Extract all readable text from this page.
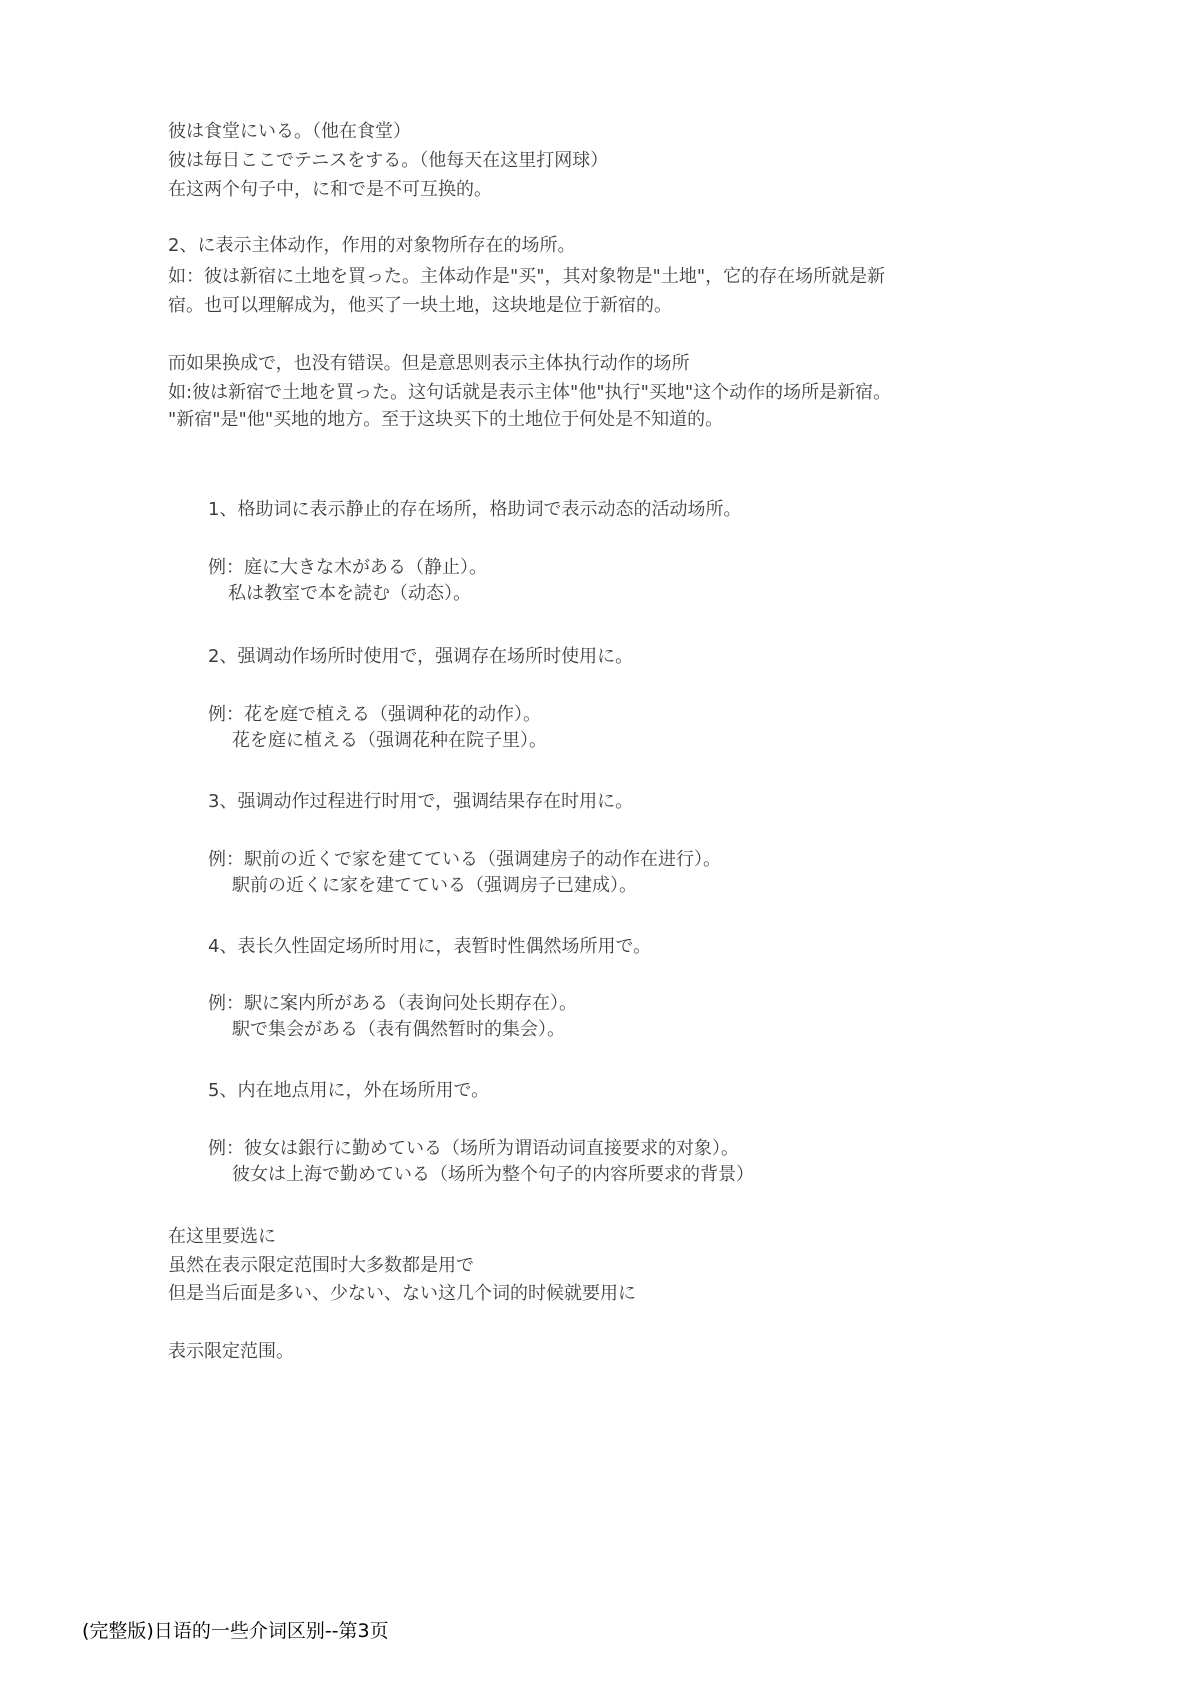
彼は食堂にいる。（他在食堂）
彼は毎日ここでテニスをする。（他每天在这里打网球）
在这两个句子中，に和で是不可互换的。
2、に表示主体动作，作用的对象物所存在的场所。
如：彼は新宿に土地を買った。主体动作是"买"，其对象物是"土地"，它的存在场所就是新
宿。也可以理解成为，他买了一块土地，这块地是位于新宿的。
而如果换成で，也没有错误。但是意思则表示主体执行动作的场所
如:彼は新宿で土地を買った。这句话就是表示主体"他"执行"买地"这个动作的场所是新宿。
"新宿"是"他"买地的地方。至于这块买下的土地位于何处是不知道的。
1、格助词に表示静止的存在场所，格助词で表示动态的活动场所。
例：庭に大きな木がある（静止）。
私は教室で本を読む（动态）。
2、强调动作场所时使用で，强调存在场所时使用に。
例：花を庭で植える（强调种花的动作）。
花を庭に植える（强调花种在院子里）。
3、强调动作过程进行时用で，强调结果存在时用に。
例：駅前の近くで家を建てている（强调建房子的动作在进行）。
駅前の近くに家を建てている（强调房子已建成）。
4、表长久性固定场所时用に，表暂时性偶然场所用で。
例：駅に案内所がある（表询问处长期存在）。
駅で集会がある（表有偶然暂时的集会）。
5、内在地点用に，外在场所用で。
例：彼女は銀行に勤めている（场所为谓语动词直接要求的对象）。
彼女は上海で勤めている（场所为整个句子的内容所要求的背景）
在这里要选に
虽然在表示限定范围时大多数都是用で
但是当后面是多い、少ない、ない这几个词的时候就要用に
表示限定范围。
(完整版)日语的一些介词区别--第3页
